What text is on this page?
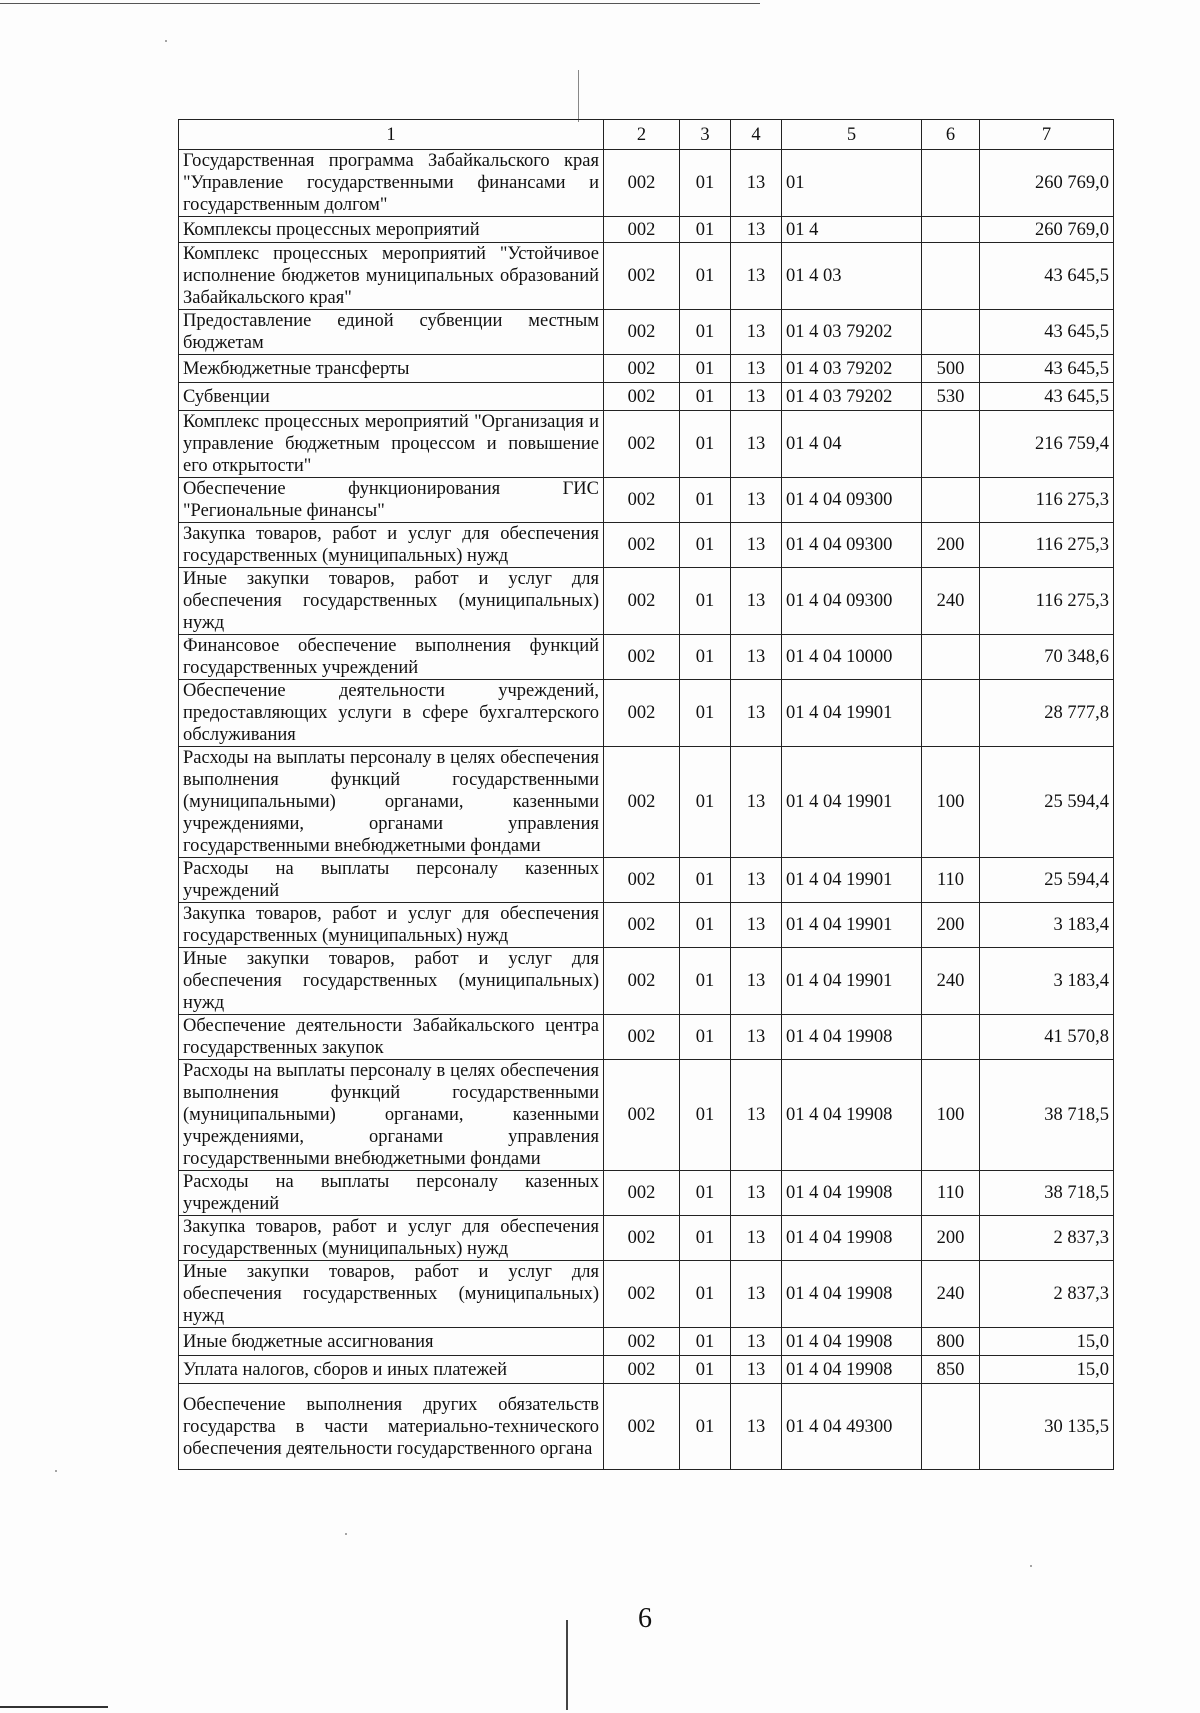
1	2	3	4	5	6	7
Государственная программа Забайкальского края "Управление государственными финансами и государственным долгом"	002	01	13	01		260 769,0
Комплексы процессных мероприятий	002	01	13	01 4		260 769,0
Комплекс процессных мероприятий "Устойчивое исполнение бюджетов муниципальных образований Забайкальского края"	002	01	13	01 4 03		43 645,5
Предоставление единой субвенции местным бюджетам	002	01	13	01 4 03 79202		43 645,5
Межбюджетные трансферты	002	01	13	01 4 03 79202	500	43 645,5
Субвенции	002	01	13	01 4 03 79202	530	43 645,5
Комплекс процессных мероприятий "Организация и управление бюджетным процессом и повышение его открытости"	002	01	13	01 4 04		216 759,4
Обеспечение функционирования ГИС "Региональные финансы"	002	01	13	01 4 04 09300		116 275,3
Закупка товаров, работ и услуг для обеспечения государственных (муниципальных) нужд	002	01	13	01 4 04 09300	200	116 275,3
Иные закупки товаров, работ и услуг для обеспечения государственных (муниципальных) нужд	002	01	13	01 4 04 09300	240	116 275,3
Финансовое обеспечение выполнения функций государственных учреждений	002	01	13	01 4 04 10000		70 348,6
Обеспечение деятельности учреждений, предоставляющих услуги в сфере бухгалтерского обслуживания	002	01	13	01 4 04 19901		28 777,8
Расходы на выплаты персоналу в целях обеспечения выполнения функций государственными (муниципальными) органами, казенными учреждениями, органами управления государственными внебюджетными фондами	002	01	13	01 4 04 19901	100	25 594,4
Расходы на выплаты персоналу казенных учреждений	002	01	13	01 4 04 19901	110	25 594,4
Закупка товаров, работ и услуг для обеспечения государственных (муниципальных) нужд	002	01	13	01 4 04 19901	200	3 183,4
Иные закупки товаров, работ и услуг для обеспечения государственных (муниципальных) нужд	002	01	13	01 4 04 19901	240	3 183,4
Обеспечение деятельности Забайкальского центра государственных закупок	002	01	13	01 4 04 19908		41 570,8
Расходы на выплаты персоналу в целях обеспечения выполнения функций государственными (муниципальными) органами, казенными учреждениями, органами управления государственными внебюджетными фондами	002	01	13	01 4 04 19908	100	38 718,5
Расходы на выплаты персоналу казенных учреждений	002	01	13	01 4 04 19908	110	38 718,5
Закупка товаров, работ и услуг для обеспечения государственных (муниципальных) нужд	002	01	13	01 4 04 19908	200	2 837,3
Иные закупки товаров, работ и услуг для обеспечения государственных (муниципальных) нужд	002	01	13	01 4 04 19908	240	2 837,3
Иные бюджетные ассигнования	002	01	13	01 4 04 19908	800	15,0
Уплата налогов, сборов и иных платежей	002	01	13	01 4 04 19908	850	15,0
Обеспечение выполнения других обязательств государства в части материально-технического обеспечения деятельности государственного органа	002	01	13	01 4 04 49300		30 135,5
6
